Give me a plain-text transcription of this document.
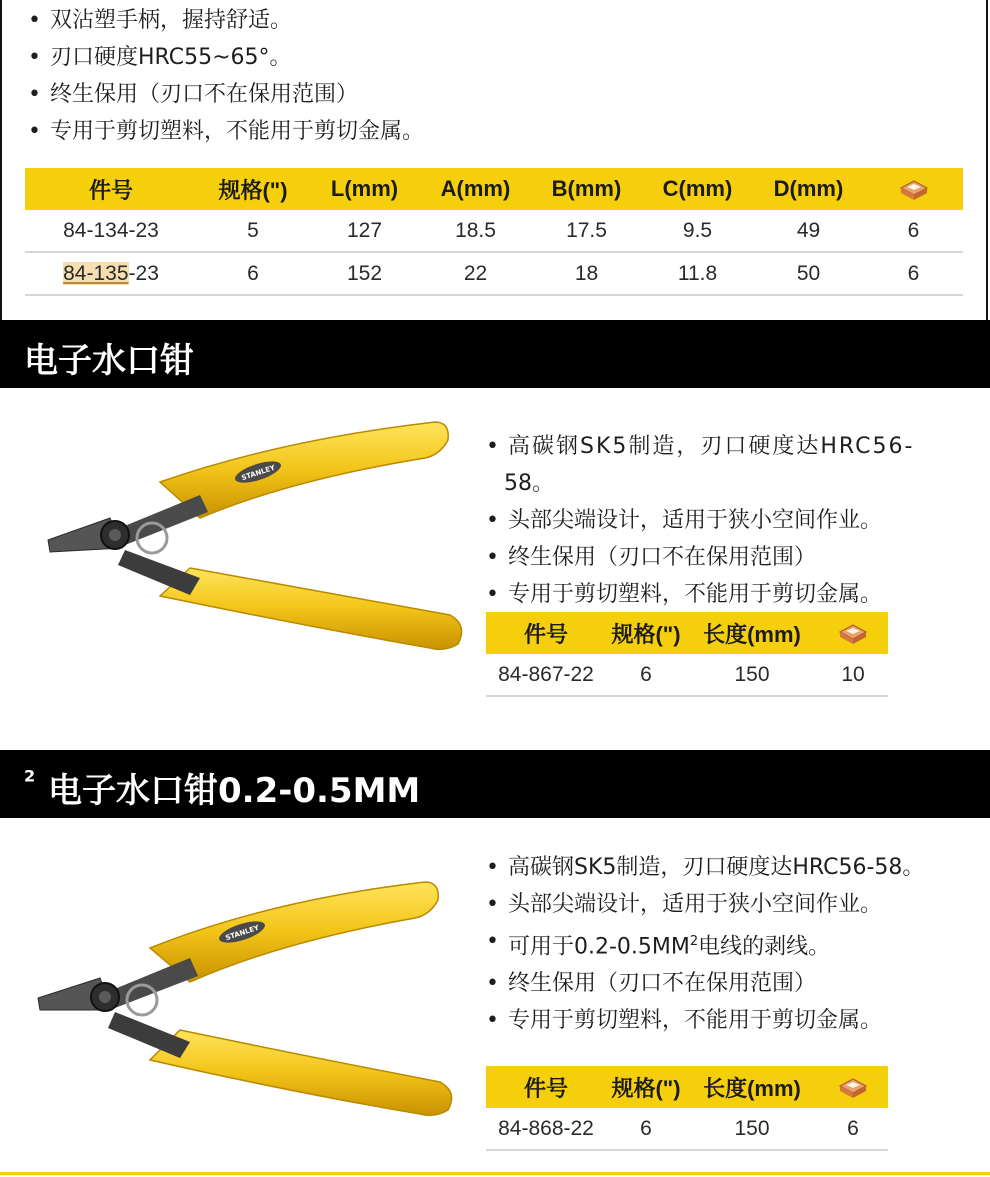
• 双沾塑手柄，握持舒适。
• 刃口硬度HRC55~65°。
• 终生保用（刃口不在保用范围）
• 专用于剪切塑料，不能用于剪切金属。
件号	规格(")	L(mm)	A(mm)	B(mm)	C(mm)	D(mm)	
84-134-23	5	127	18.5	17.5	9.5	49	6
84-135-23	6	152	22	18	11.8	50	6
电子水口钳
STANLEY
• 高碳钢SK5制造，刃口硬度达HRC56-
58。
• 头部尖端设计，适用于狭小空间作业。
• 终生保用（刃口不在保用范围）
• 专用于剪切塑料，不能用于剪切金属。
件号	规格(")	长度(mm)	
84-867-22	6	150	10
电子水口钳0.2-0.5MM
$^2$
STANLEY
• 高碳钢SK5制造，刃口硬度达HRC56-58。
• 头部尖端设计，适用于狭小空间作业。
• 可用于$0.2-0.5MM^2$电线的剥线。
• 终生保用（刃口不在保用范围）
• 专用于剪切塑料，不能用于剪切金属。
件号	规格(")	长度(mm)	
84-868-22	6	150	6
